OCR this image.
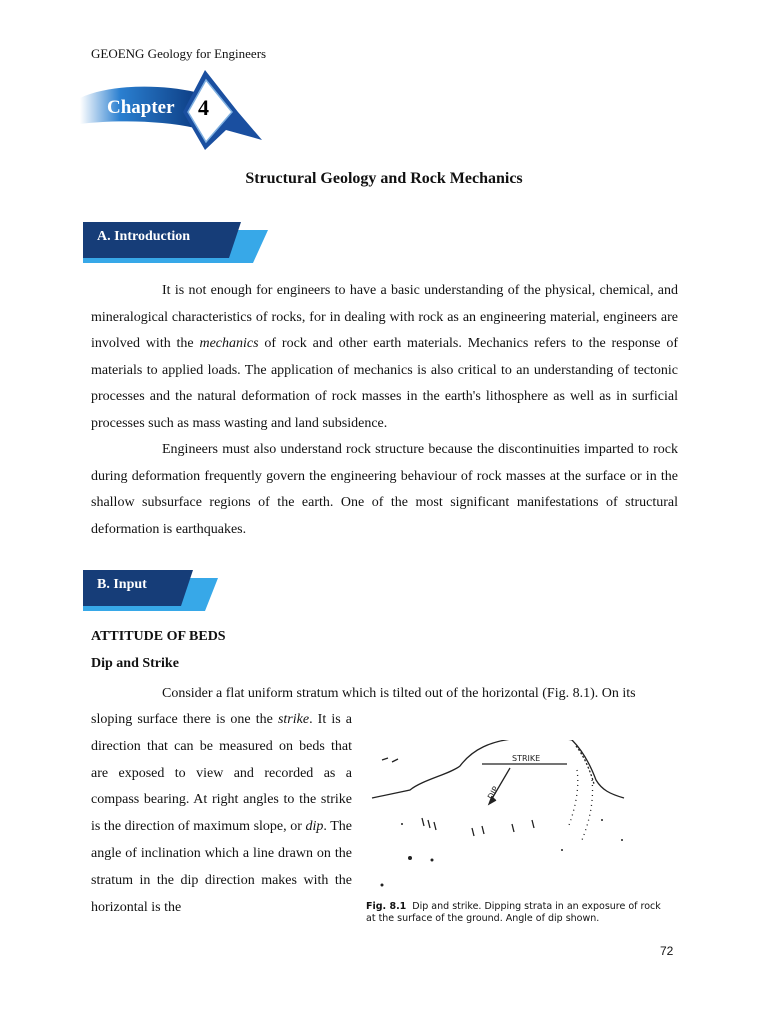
GEOENG Geology for Engineers
Chapter 4
Structural Geology and Rock Mechanics
A. Introduction

It is not enough for engineers to have a basic understanding of the physical, chemical, and mineralogical characteristics of rocks, for in dealing with rock as an engineering material, engineers are involved with the mechanics of rock and other earth materials. Mechanics refers to the response of materials to applied loads. The application of mechanics is also critical to an understanding of tectonic processes and the natural deformation of rock masses in the earth's lithosphere as well as in surficial processes such as mass wasting and land subsidence.

Engineers must also understand rock structure because the discontinuities imparted to rock during deformation frequently govern the engineering behaviour of rock masses at the surface or in the shallow subsurface regions of the earth. One of the most significant manifestations of structural deformation is earthquakes.

B. Input
ATTITUDE OF BEDS
Dip and Strike

Consider a flat uniform stratum which is tilted out of the horizontal (Fig. 8.1). On its

sloping surface there is one the strike. It is a direction that can be measured on beds that are exposed to view and recorded as a compass bearing. At right angles to the strike is the direction of maximum slope, or dip. The angle of inclination which a line drawn on the stratum in the dip direction makes with the horizontal is the
STRIKE
DIP
Fig. 8.1 Dip and strike. Dipping strata in an exposure of rock at the surface of the ground. Angle of dip shown.
72
